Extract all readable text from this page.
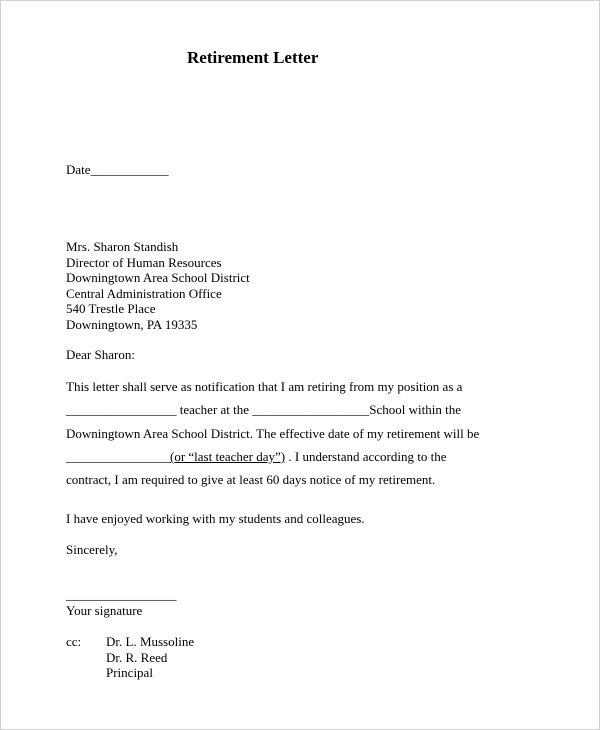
Retirement Letter
Date____________
Mrs. Sharon Standish
Director of Human Resources
Downingtown Area School District
Central Administration Office
540 Trestle Place
Downingtown, PA 19335
Dear Sharon:
This letter shall serve as notification that I am retiring from my position as a
_________________ teacher at the __________________School within the
Downingtown Area School District. The effective date of my retirement will be
________________(or “last teacher day”) . I understand according to the
contract, I am required to give at least 60 days notice of my retirement.
I have enjoyed working with my students and colleagues.
Sincerely,
_________________
Your signature
cc: Dr. L. Mussoline
Dr. R. Reed
Principal
